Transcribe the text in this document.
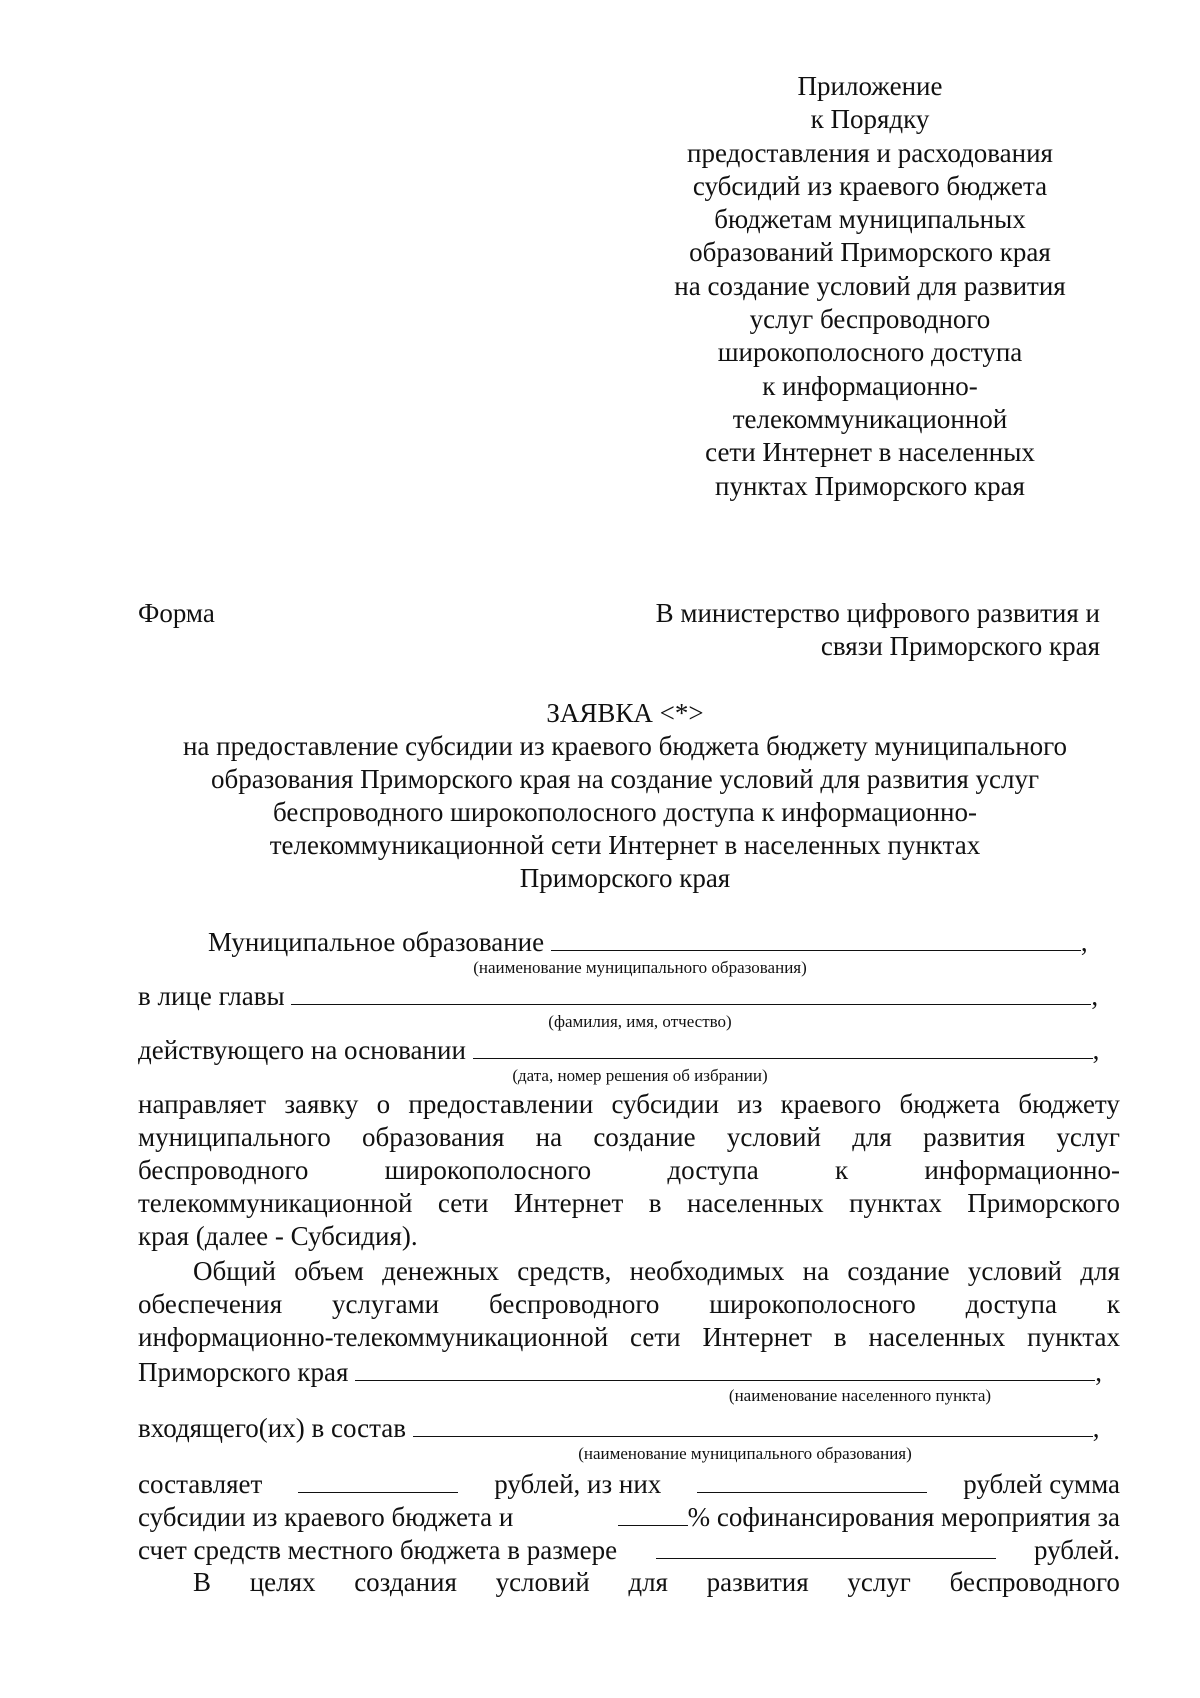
Приложение
к Порядку
предоставления и расходования
субсидий из краевого бюджета
бюджетам муниципальных
образований Приморского края
на создание условий для развития
услуг беспроводного
широкополосного доступа
к информационно-
телекоммуникационной
сети Интернет в населенных
пунктах Приморского края
Форма	В министерство цифрового развития и
связи Приморского края
ЗАЯВКА <*>
на предоставление субсидии из краевого бюджета бюджету муниципального
образования Приморского края на создание условий для развития услуг
беспроводного широкополосного доступа к информационно-
телекоммуникационной сети Интернет в населенных пунктах
Приморского края
Муниципальное образование	,
(наименование муниципального образования)
в лице главы	,
(фамилия, имя, отчество)
действующего на основании	,
(дата, номер решения об избрании)
направляет заявку о предоставлении субсидии из краевого бюджета бюджету
муниципального образования на создание условий для развития услуг
беспроводного	широкополосного	доступа	к	информационно-
телекоммуникационной сети Интернет в населенных пунктах Приморского
края (далее - Субсидия).
Общий объем денежных средств, необходимых на создание условий для
обеспечения услугами беспроводного широкополосного доступа к
информационно-телекоммуникационной сети Интернет в населенных пунктах
Приморского края	,
(наименование населенного пункта)
входящего(их) в состав	,
(наименование муниципального образования)
составляет	рублей, из них	рублей сумма
субсидии из краевого бюджета и	% софинансирования мероприятия за
счет средств местного бюджета в размере	рублей.
В целях создания условий для развития услуг беспроводного
